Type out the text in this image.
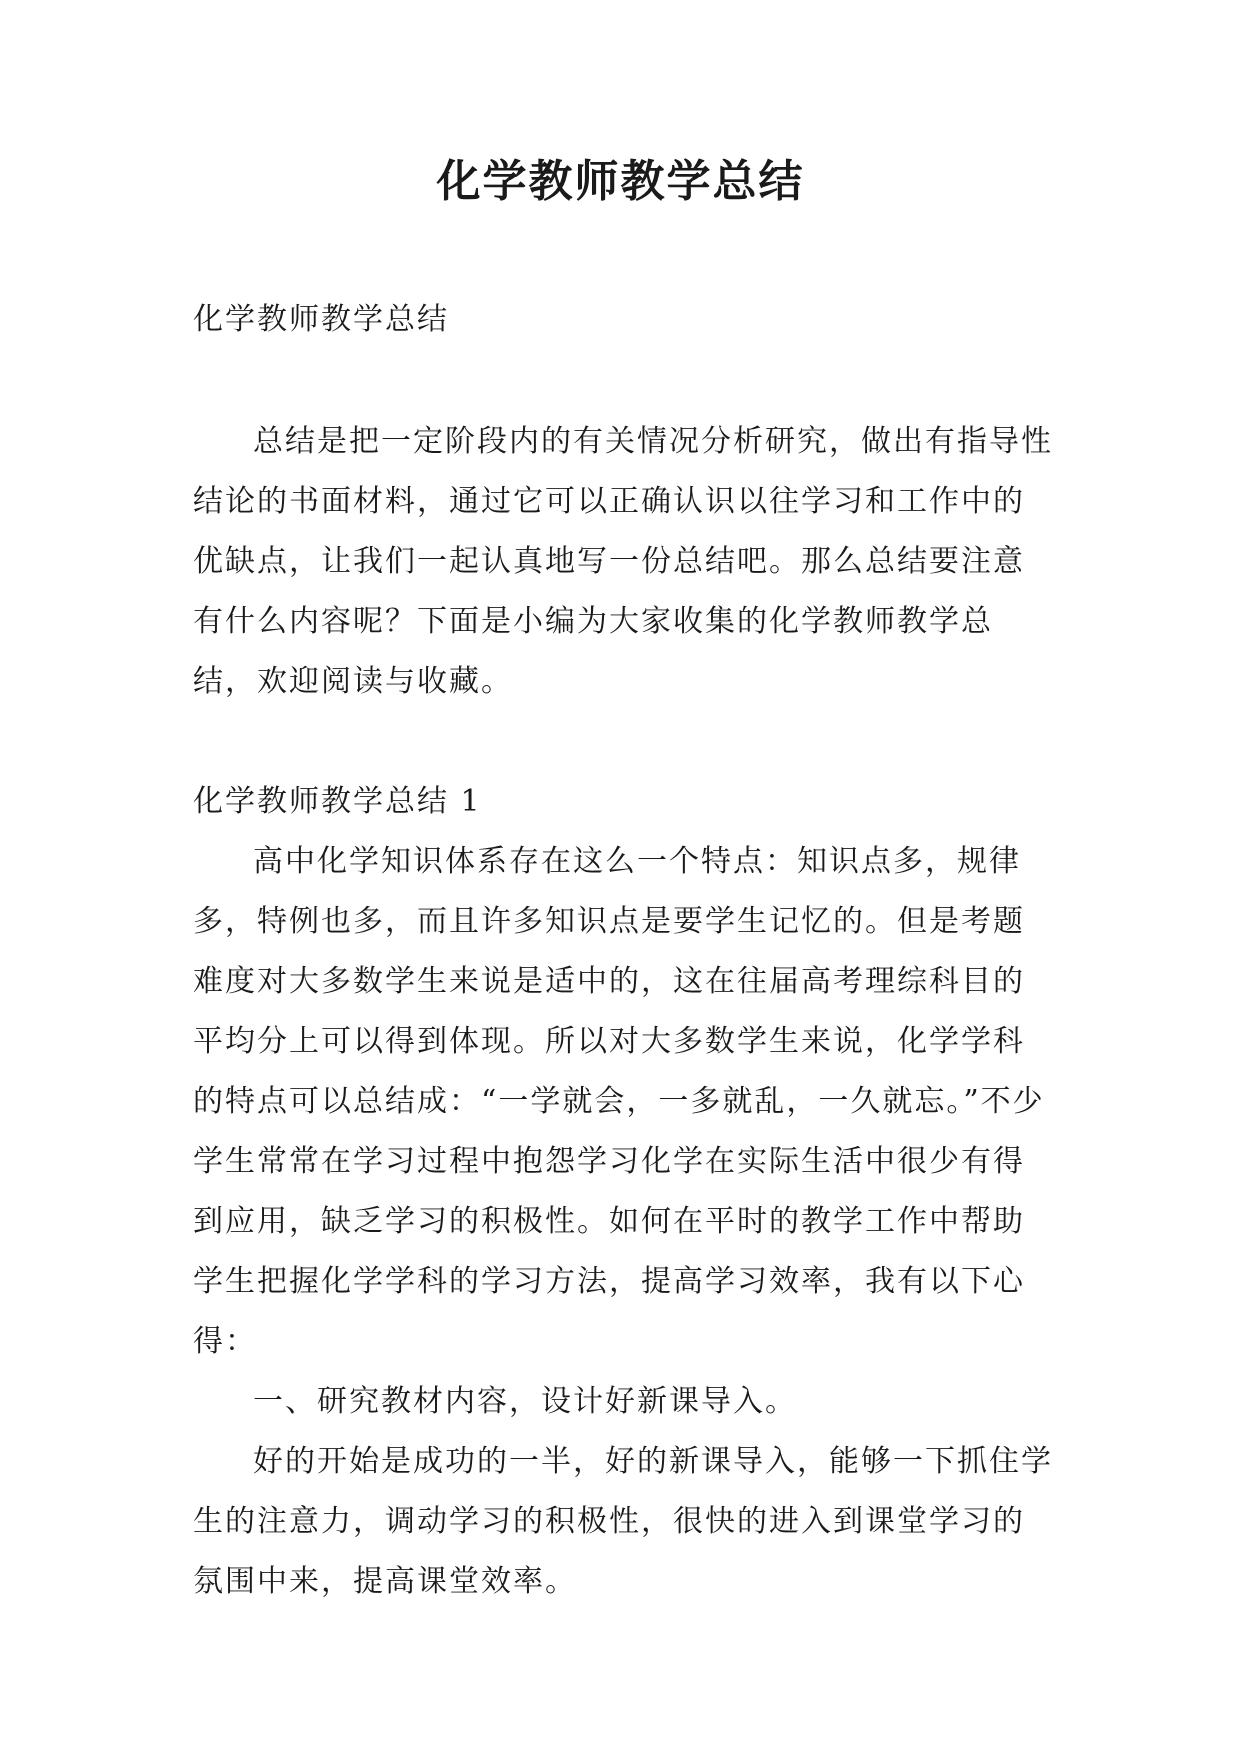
化学教师教学总结

化学教师教学总结

总结是把一定阶段内的有关情况分析研究，做出有指导性结论的书面材料，通过它可以正确认识以往学习和工作中的优缺点，让我们一起认真地写一份总结吧。那么总结要注意有什么内容呢？下面是小编为大家收集的化学教师教学总结，欢迎阅读与收藏。

化学教师教学总结 1

高中化学知识体系存在这么一个特点：知识点多，规律多，特例也多，而且许多知识点是要学生记忆的。但是考题难度对大多数学生来说是适中的，这在往届高考理综科目的平均分上可以得到体现。所以对大多数学生来说，化学学科的特点可以总结成：“一学就会，一多就乱，一久就忘。”不少学生常常在学习过程中抱怨学习化学在实际生活中很少有得到应用，缺乏学习的积极性。如何在平时的教学工作中帮助学生把握化学学科的学习方法，提高学习效率，我有以下心得：

一、研究教材内容，设计好新课导入。

好的开始是成功的一半，好的新课导入，能够一下抓住学生的注意力，调动学习的积极性，很快的进入到课堂学习的氛围中来，提高课堂效率。
